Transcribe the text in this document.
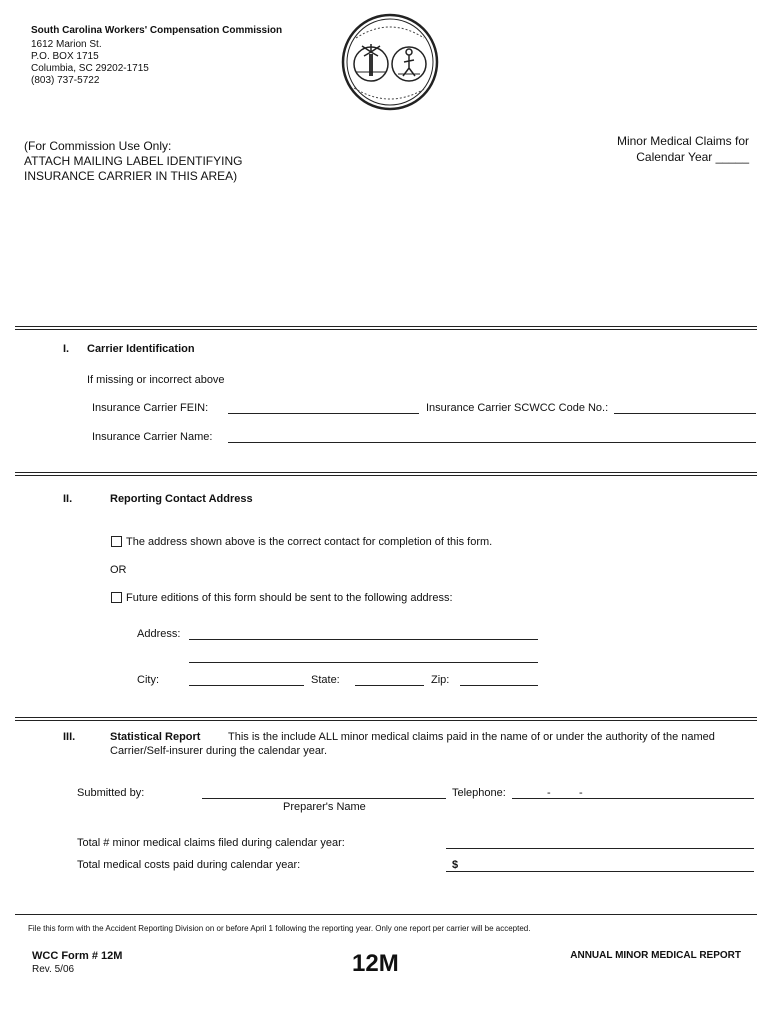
South Carolina Workers' Compensation Commission
1612 Marion St.
P.O. BOX 1715
Columbia, SC 29202-1715
(803) 737-5722
(For Commission Use Only:
ATTACH MAILING LABEL IDENTIFYING
INSURANCE CARRIER IN THIS AREA)
Minor Medical Claims for
Calendar Year _____
I. Carrier Identification
If missing or incorrect above
Insurance Carrier FEIN:	Insurance Carrier SCWCC Code No.:
Insurance Carrier Name:
II.	Reporting Contact Address
The address shown above is the correct contact for completion of this form.
OR
Future editions of this form should be sent to the following address:
Address:
City:	State:	Zip:
III.	Statistical Report	This is the include ALL minor medical claims paid in the name of or under the authority of the named
Carrier/Self-insurer during the calendar year.
Submitted by:
Preparer's Name
Telephone:	-	-
Total # minor medical claims filed during calendar year:
Total medical costs paid during calendar year:	$
File this form with the Accident Reporting Division on or before April 1 following the reporting year. Only one report per carrier will be accepted.
WCC Form # 12M
Rev. 5/06	12M	ANNUAL MINOR MEDICAL REPORT
